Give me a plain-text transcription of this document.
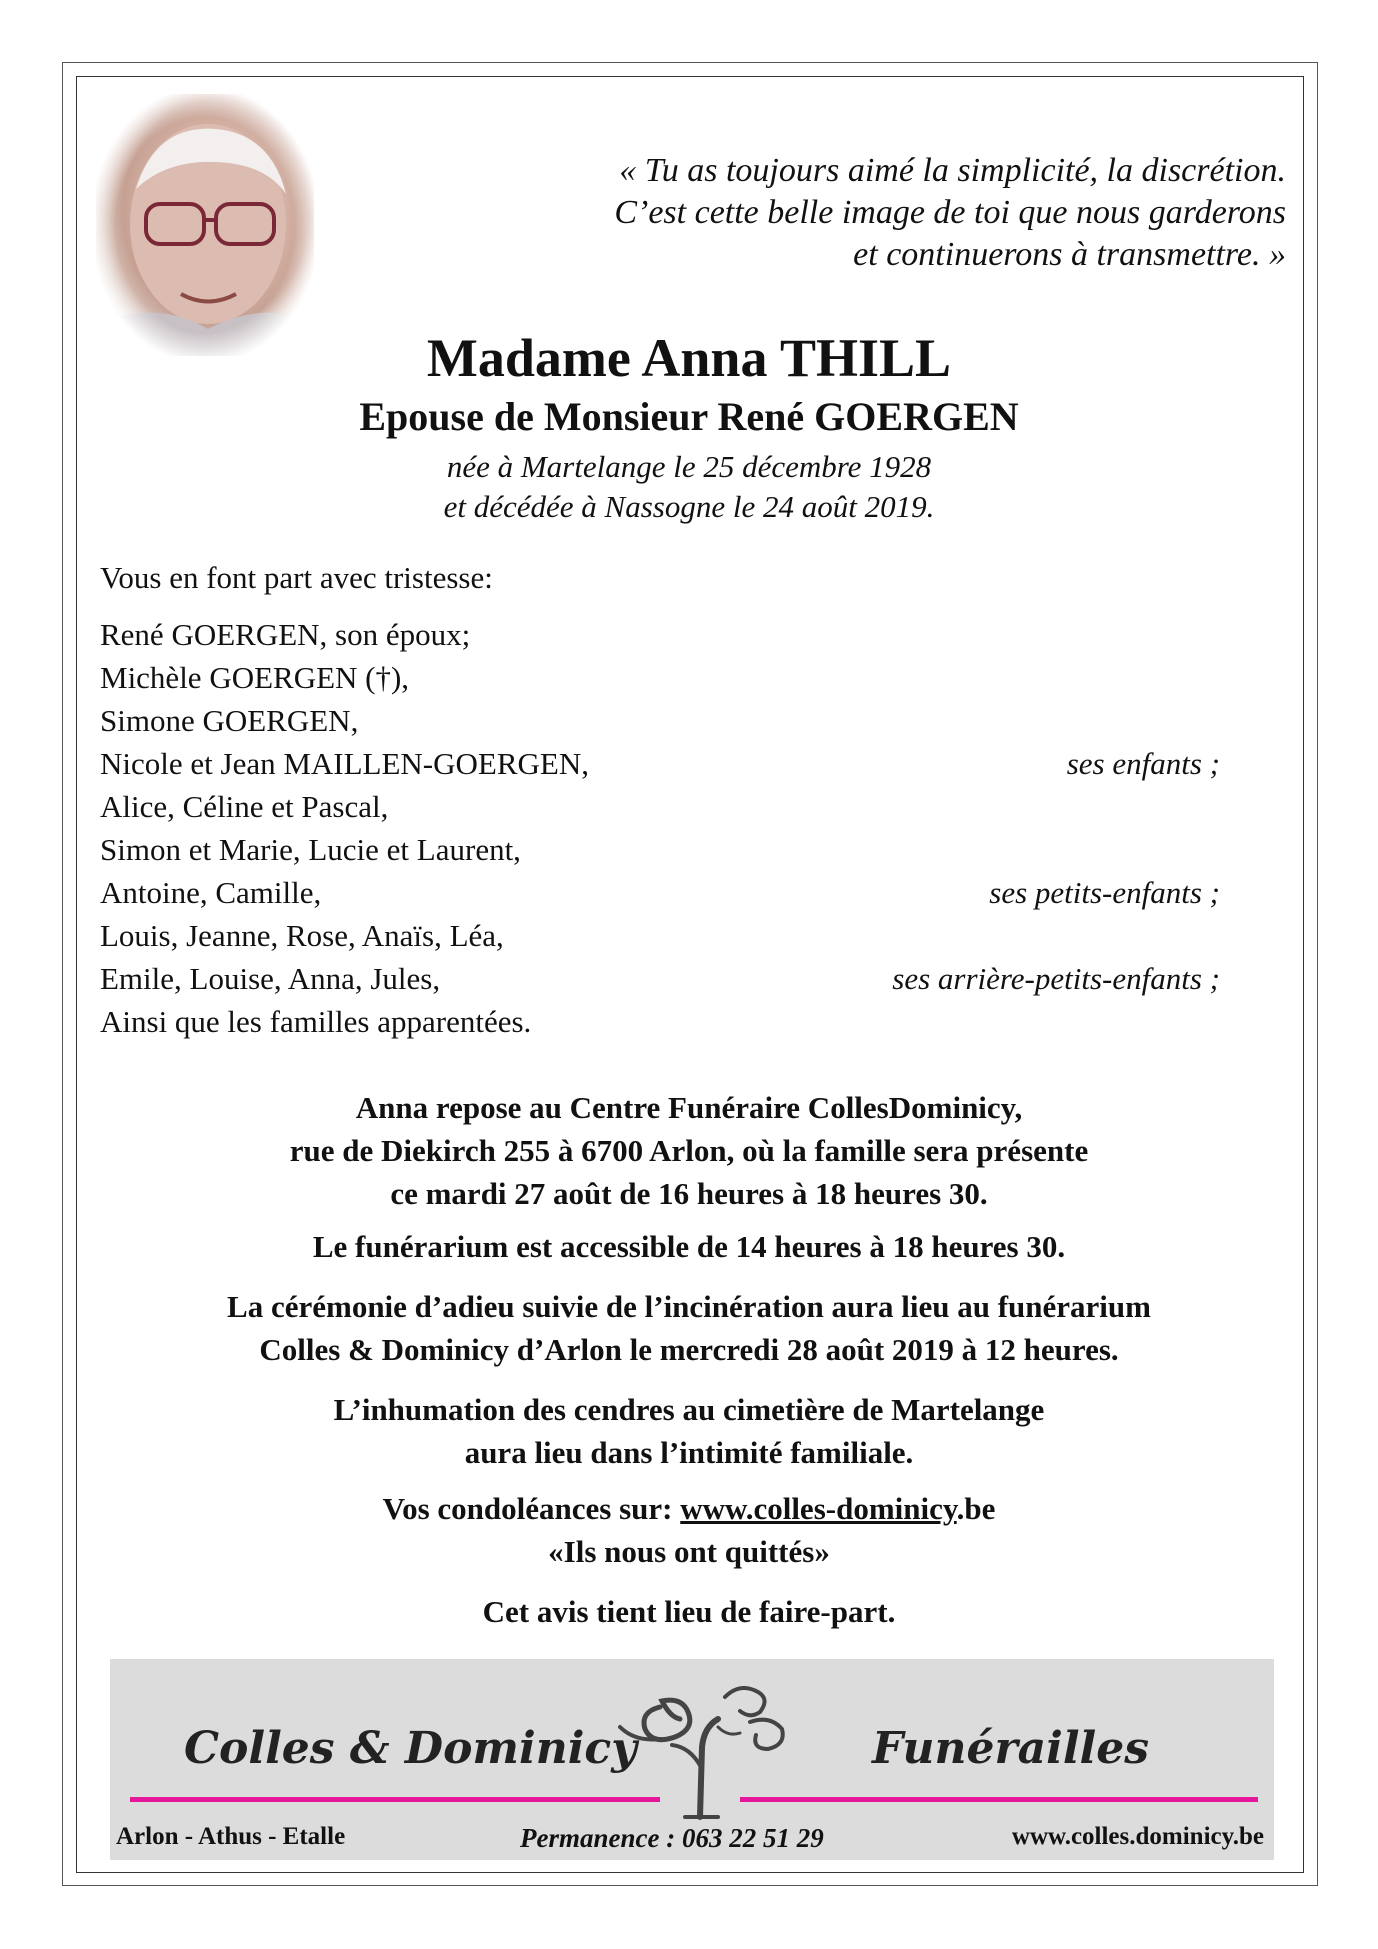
« Tu as toujours aimé la simplicité, la discrétion.
C’est cette belle image de toi que nous garderons
et continuerons à transmettre. »
Madame Anna THILL
Epouse de Monsieur René GOERGEN
née à Martelange le 25 décembre 1928
et décédée à Nassogne le 24 août 2019.
Vous en font part avec tristesse:
René GOERGEN, son époux;
Michèle GOERGEN (†),
Simone GOERGEN,
Nicole et Jean MAILLEN-GOERGEN,	ses enfants ;
Alice, Céline et Pascal,
Simon et Marie, Lucie et Laurent,
Antoine, Camille,	ses petits-enfants ;
Louis, Jeanne, Rose, Anaïs, Léa,
Emile, Louise, Anna, Jules,	ses arrière-petits-enfants ;
Ainsi que les familles apparentées.
Anna repose au Centre Funéraire CollesDominicy,
rue de Diekirch 255 à 6700 Arlon, où la famille sera présente
ce mardi 27 août de 16 heures à 18 heures 30.
Le funérarium est accessible de 14 heures à 18 heures 30.
La cérémonie d’adieu suivie de l’incinération aura lieu au funérarium
Colles & Dominicy d’Arlon le mercredi 28 août 2019 à 12 heures.
L’inhumation des cendres au cimetière de Martelange
aura lieu dans l’intimité familiale.
Vos condoléances sur: www.colles-dominicy.be
«Ils nous ont quittés»
Cet avis tient lieu de faire-part.
Colles & Dominicy	Funérailles
Arlon - Athus - Etalle	Permanence : 063 22 51 29	www.colles.dominicy.be
